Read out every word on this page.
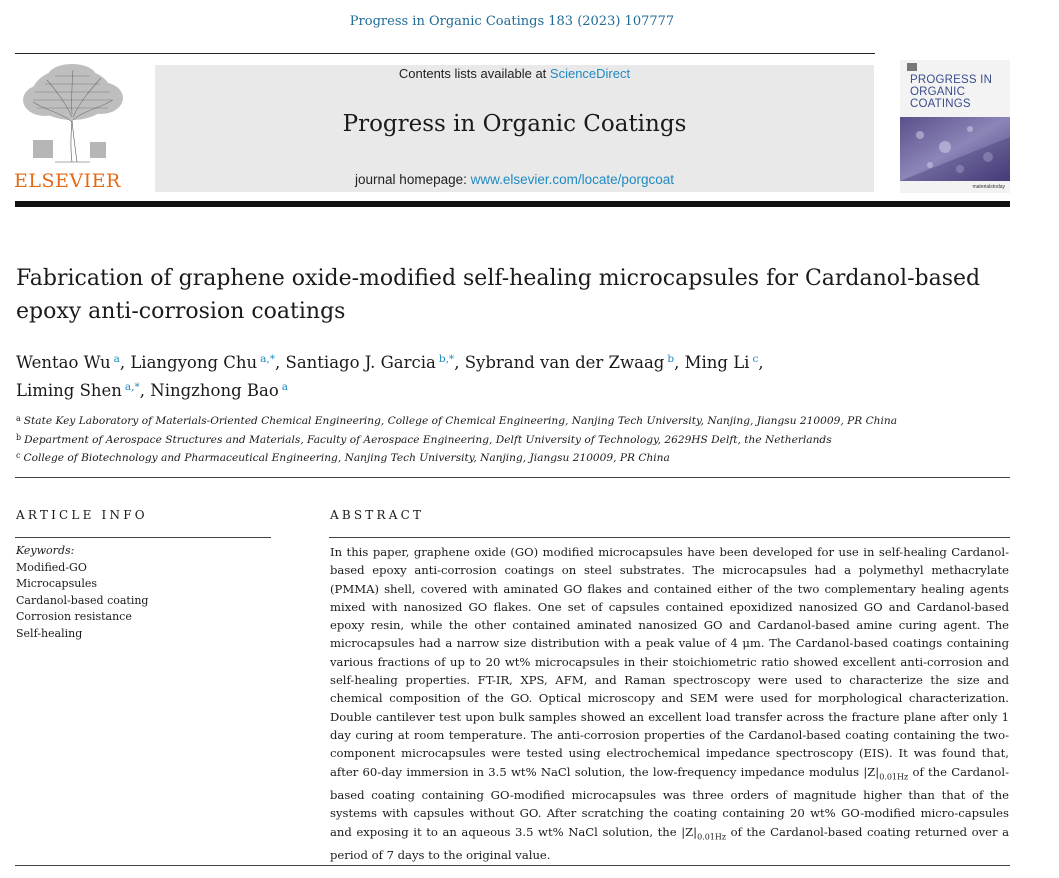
Progress in Organic Coatings 183 (2023) 107777
ELSEVIER
Contents lists available at ScienceDirect
Progress in Organic Coatings
journal homepage: www.elsevier.com/locate/porgcoat
PROGRESS IN ORGANIC COATINGS
materialstoday
Fabrication of graphene oxide-modified self-healing microcapsules for Cardanol-based epoxy anti-corrosion coatings
Wentao Wu $^a$, Liangyong Chu $^{a,*}$, Santiago J. Garcia $^{b,*}$, Sybrand van der Zwaag $^b$, Ming Li $^c$,
Liming Shen $^{a,*}$, Ningzhong Bao $^a$
$^a$ State Key Laboratory of Materials-Oriented Chemical Engineering, College of Chemical Engineering, Nanjing Tech University, Nanjing, Jiangsu 210009, PR China
$^b$ Department of Aerospace Structures and Materials, Faculty of Aerospace Engineering, Delft University of Technology, 2629HS Delft, the Netherlands
$^c$ College of Biotechnology and Pharmaceutical Engineering, Nanjing Tech University, Nanjing, Jiangsu 210009, PR China
ARTICLE INFO	ABSTRACT
Keywords:
Modified-GO
Microcapsules
Cardanol-based coating
Corrosion resistance
Self-healing
In this paper, graphene oxide (GO) modified microcapsules have been developed for use in self-healing Cardanol-based epoxy anti-corrosion coatings on steel substrates. The microcapsules had a polymethyl methacrylate (PMMA) shell, covered with aminated GO flakes and contained either of the two complementary healing agents mixed with nanosized GO flakes. One set of capsules contained epoxidized nanosized GO and Cardanol-based epoxy resin, while the other contained aminated nanosized GO and Cardanol-based amine curing agent. The microcapsules had a narrow size distribution with a peak value of 4 μm. The Cardanol-based coatings containing various fractions of up to 20 wt% microcapsules in their stoichiometric ratio showed excellent anti-corrosion and self-healing properties. FT-IR, XPS, AFM, and Raman spectroscopy were used to characterize the size and chemical composition of the GO. Optical microscopy and SEM were used for morphological characterization. Double cantilever test upon bulk samples showed an excellent load transfer across the fracture plane after only 1 day curing at room temperature. The anti-corrosion properties of the Cardanol-based coating containing the two-component microcapsules were tested using electrochemical impedance spectroscopy (EIS). It was found that, after 60-day immersion in 3.5 wt% NaCl solution, the low-frequency impedance modulus $|Z|_{0.01Hz}$ of the Cardanol-based coating containing GO-modified microcapsules was three orders of magnitude higher than that of the systems with capsules without GO. After scratching the coating containing 20 wt% GO-modified micro-capsules and exposing it to an aqueous 3.5 wt% NaCl solution, the $|Z|_{0.01Hz}$ of the Cardanol-based coating returned over a period of 7 days to the original value.
